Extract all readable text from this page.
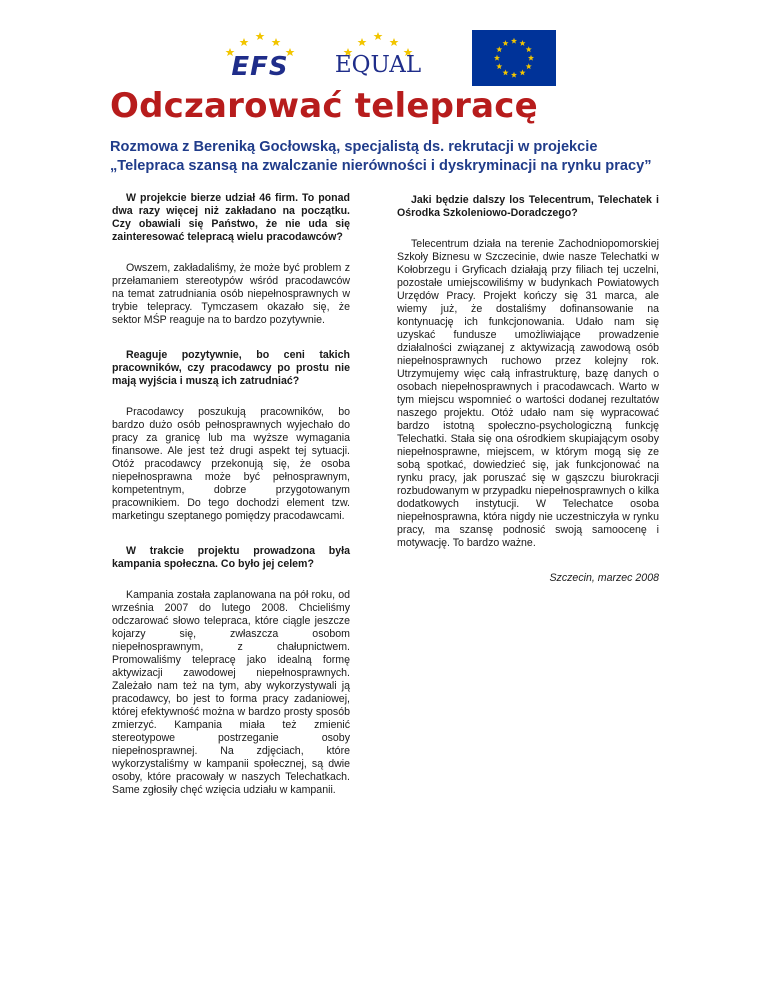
EFS	EQUAL
Odczarować telepracę

Rozmowa z Bereniką Gocłowską, specjalistą ds. rekrutacji w projekcie „Telepraca szansą na zwalczanie nierówności i dyskryminacji na rynku pracy”

W projekcie bierze udział 46 firm. To ponad dwa razy więcej niż zakładano na początku. Czy obawiali się Państwo, że nie uda się zainteresować telepracą wielu pracodawców?

Owszem, zakładaliśmy, że może być problem z przełamaniem stereotypów wśród pracodawców na temat zatrudniania osób niepełnosprawnych w trybie telepracy. Tymczasem okazało się, że sektor MŚP reaguje na to bardzo pozytywnie.

Reaguje pozytywnie, bo ceni takich pracowników, czy pracodawcy po prostu nie mają wyjścia i muszą ich zatrudniać?

Pracodawcy poszukują pracowników, bo bardzo dużo osób pełnosprawnych wyjechało do pracy za granicę lub ma wyższe wymagania finansowe. Ale jest też drugi aspekt tej sytuacji. Otóż pracodawcy przekonują się, że osoba niepełnosprawna może być pełnosprawnym, kompetentnym, dobrze przygotowanym pracownikiem. Do tego dochodzi element tzw. marketingu szeptanego pomiędzy pracodawcami.

W trakcie projektu prowadzona była kampania społeczna. Co było jej celem?

Kampania została zaplanowana na pół roku, od września 2007 do lutego 2008. Chcieliśmy odczarować słowo telepraca, które ciągle jeszcze kojarzy się, zwłaszcza osobom niepełnosprawnym, z chałupnictwem. Promowaliśmy telepracę jako idealną formę aktywizacji zawodowej niepełnosprawnych. Zależało nam też na tym, aby wykorzystywali ją pracodawcy, bo jest to forma pracy zadaniowej, której efektywność można w bardzo prosty sposób zmierzyć. Kampania miała też zmienić stereotypowe postrzeganie osoby niepełnosprawnej. Na zdjęciach, które wykorzystaliśmy w kampanii społecznej, są dwie osoby, które pracowały w naszych Telechatkach. Same zgłosiły chęć wzięcia udziału w kampanii.

Jaki będzie dalszy los Telecentrum, Telechatek i Ośrodka Szkoleniowo-Doradczego?

Telecentrum działa na terenie Zachodniopomorskiej Szkoły Biznesu w Szczecinie, dwie nasze Telechatki w Kołobrzegu i Gryficach działają przy filiach tej uczelni, pozostałe umiejscowiliśmy w budynkach Powiatowych Urzędów Pracy. Projekt kończy się 31 marca, ale wiemy już, że dostaliśmy dofinansowanie na kontynuację ich funkcjonowania. Udało nam się uzyskać fundusze umożliwiające prowadzenie działalności związanej z aktywizacją zawodową osób niepełnosprawnych ruchowo przez kolejny rok. Utrzymujemy więc całą infrastrukturę, bazę danych o osobach niepełnosprawnych i pracodawcach. Warto w tym miejscu wspomnieć o wartości dodanej rezultatów naszego projektu. Otóż udało nam się wypracować bardzo istotną społeczno-psychologiczną funkcję Telechatki. Stała się ona ośrodkiem skupiającym osoby niepełnosprawne, miejscem, w którym mogą się ze sobą spotkać, dowiedzieć się, jak funkcjonować na rynku pracy, jak poruszać się w gąszczu biurokracji rozbudowanym w przypadku niepełnosprawnych o kilka dodatkowych instytucji. W Telechatce osoba niepełnosprawna, która nigdy nie uczestniczyła w rynku pracy, ma szansę podnosić swoją samoocenę i motywację. To bardzo ważne.

Szczecin, marzec 2008
